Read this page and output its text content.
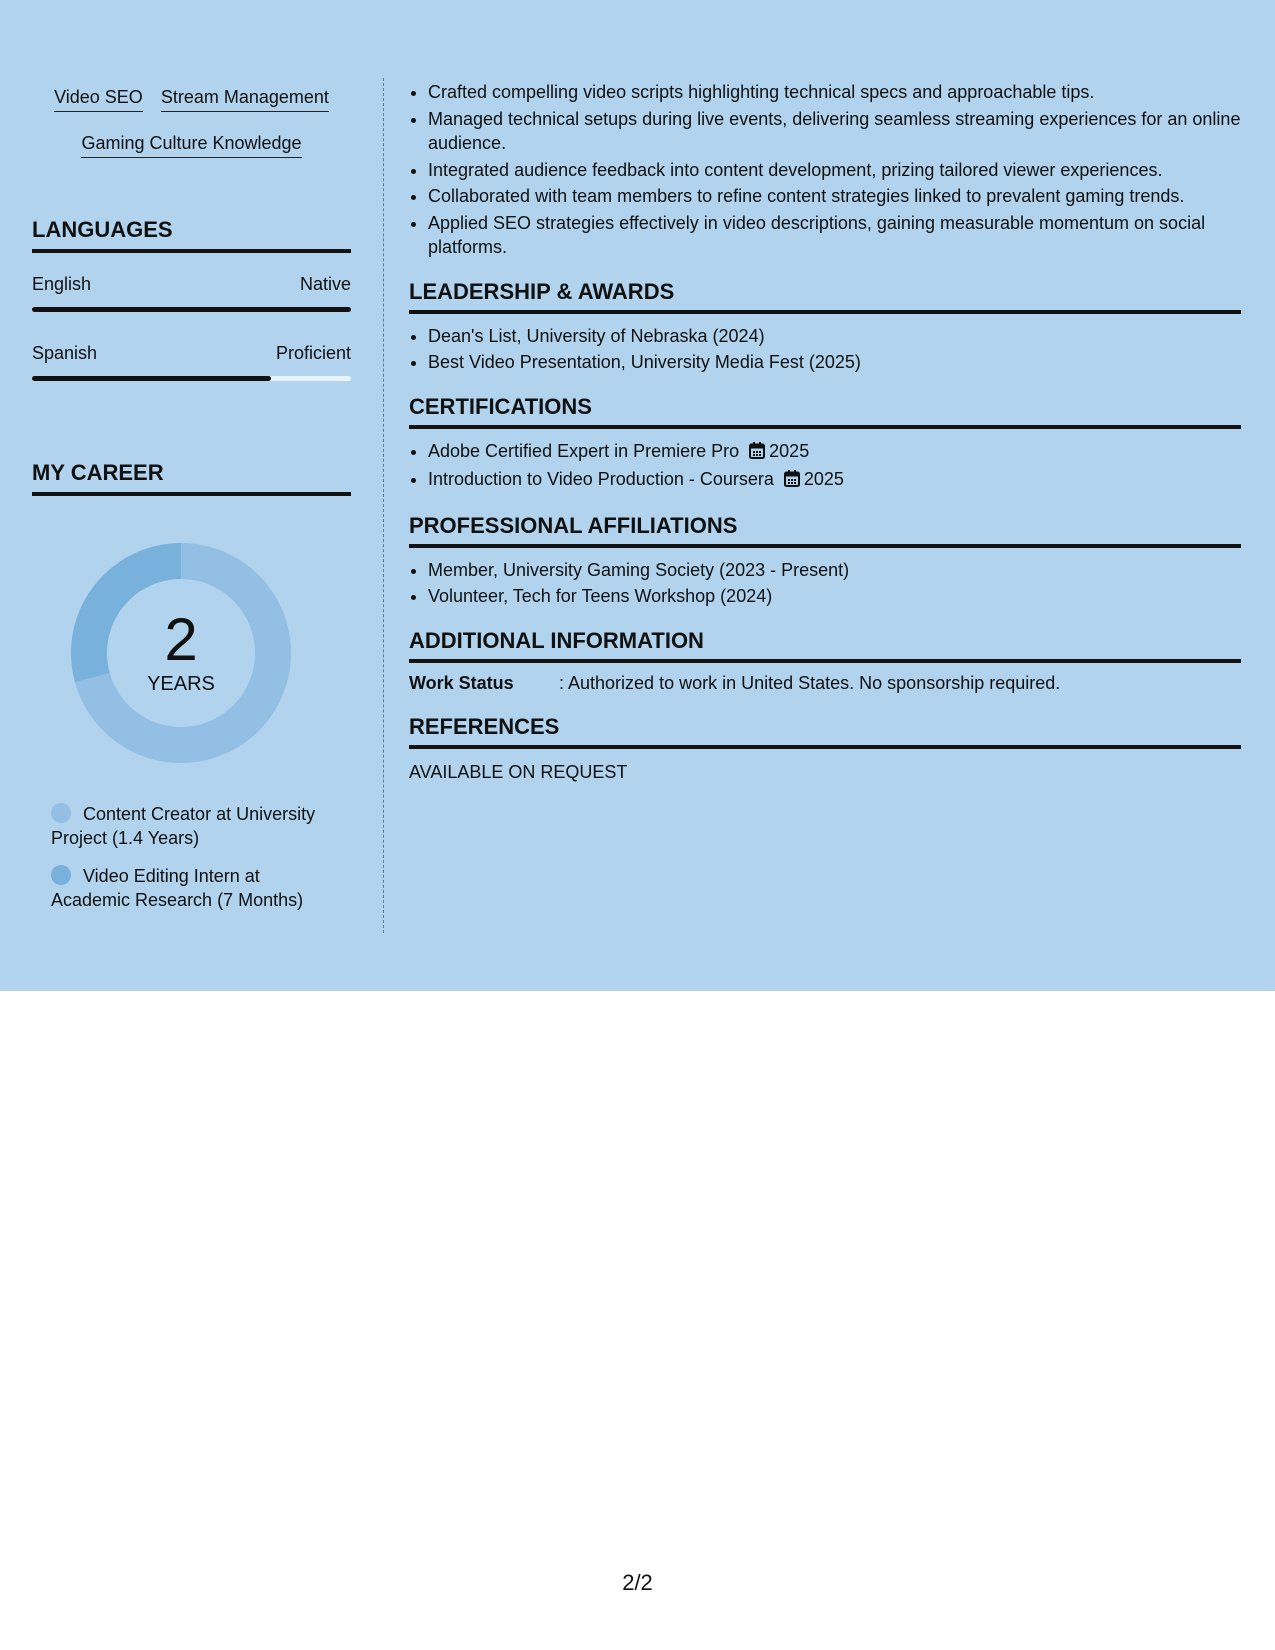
Video SEO Stream Management
Gaming Culture Knowledge
LANGUAGES
English	Native
Spanish	Proficient
MY CAREER
2
YEARS
Content Creator at University Project (1.4 Years)
Video Editing Intern at Academic Research (7 Months)
• Crafted compelling video scripts highlighting technical specs and approachable tips.
• Managed technical setups during live events, delivering seamless streaming experiences for an online audience.
• Integrated audience feedback into content development, prizing tailored viewer experiences.
• Collaborated with team members to refine content strategies linked to prevalent gaming trends.
• Applied SEO strategies effectively in video descriptions, gaining measurable momentum on social platforms.
LEADERSHIP & AWARDS
• Dean's List, University of Nebraska (2024)
• Best Video Presentation, University Media Fest (2025)
CERTIFICATIONS
• Adobe Certified Expert in Premiere Pro 2025
• Introduction to Video Production - Coursera 2025
PROFESSIONAL AFFILIATIONS
• Member, University Gaming Society (2023 - Present)
• Volunteer, Tech for Teens Workshop (2024)
ADDITIONAL INFORMATION
Work Status	: Authorized to work in United States. No sponsorship required.
REFERENCES
AVAILABLE ON REQUEST
2/2
